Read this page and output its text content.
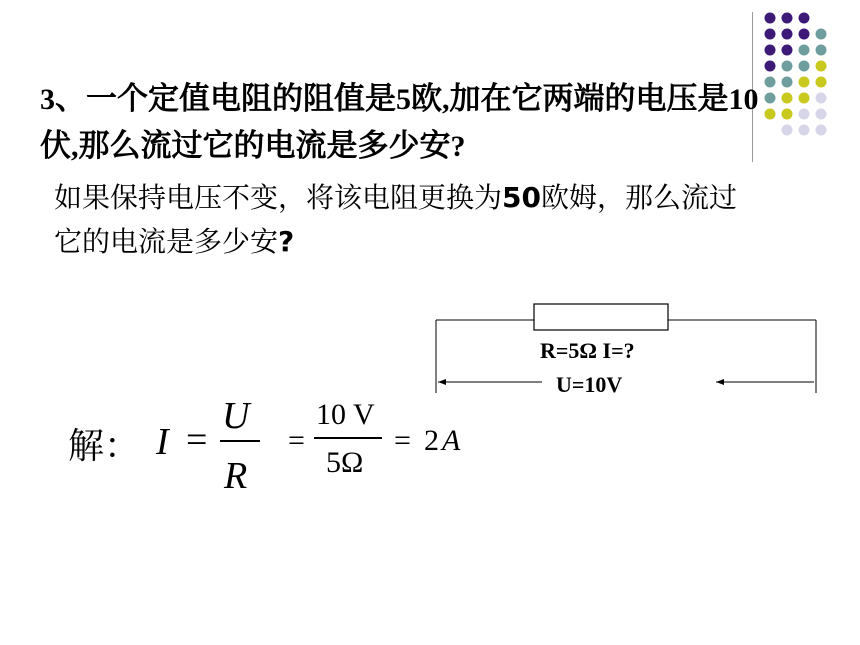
3、一个定值电阻的阻值是5欧,加在它两端的电压是10伏,那么流过它的电流是多少安?
如果保持电压不变，将该电阻更换为50欧姆，那么流过它的电流是多少安?
R=5Ω I=?
U=10V
解： I =
U
R
=
10 V
5Ω
= 2 A
